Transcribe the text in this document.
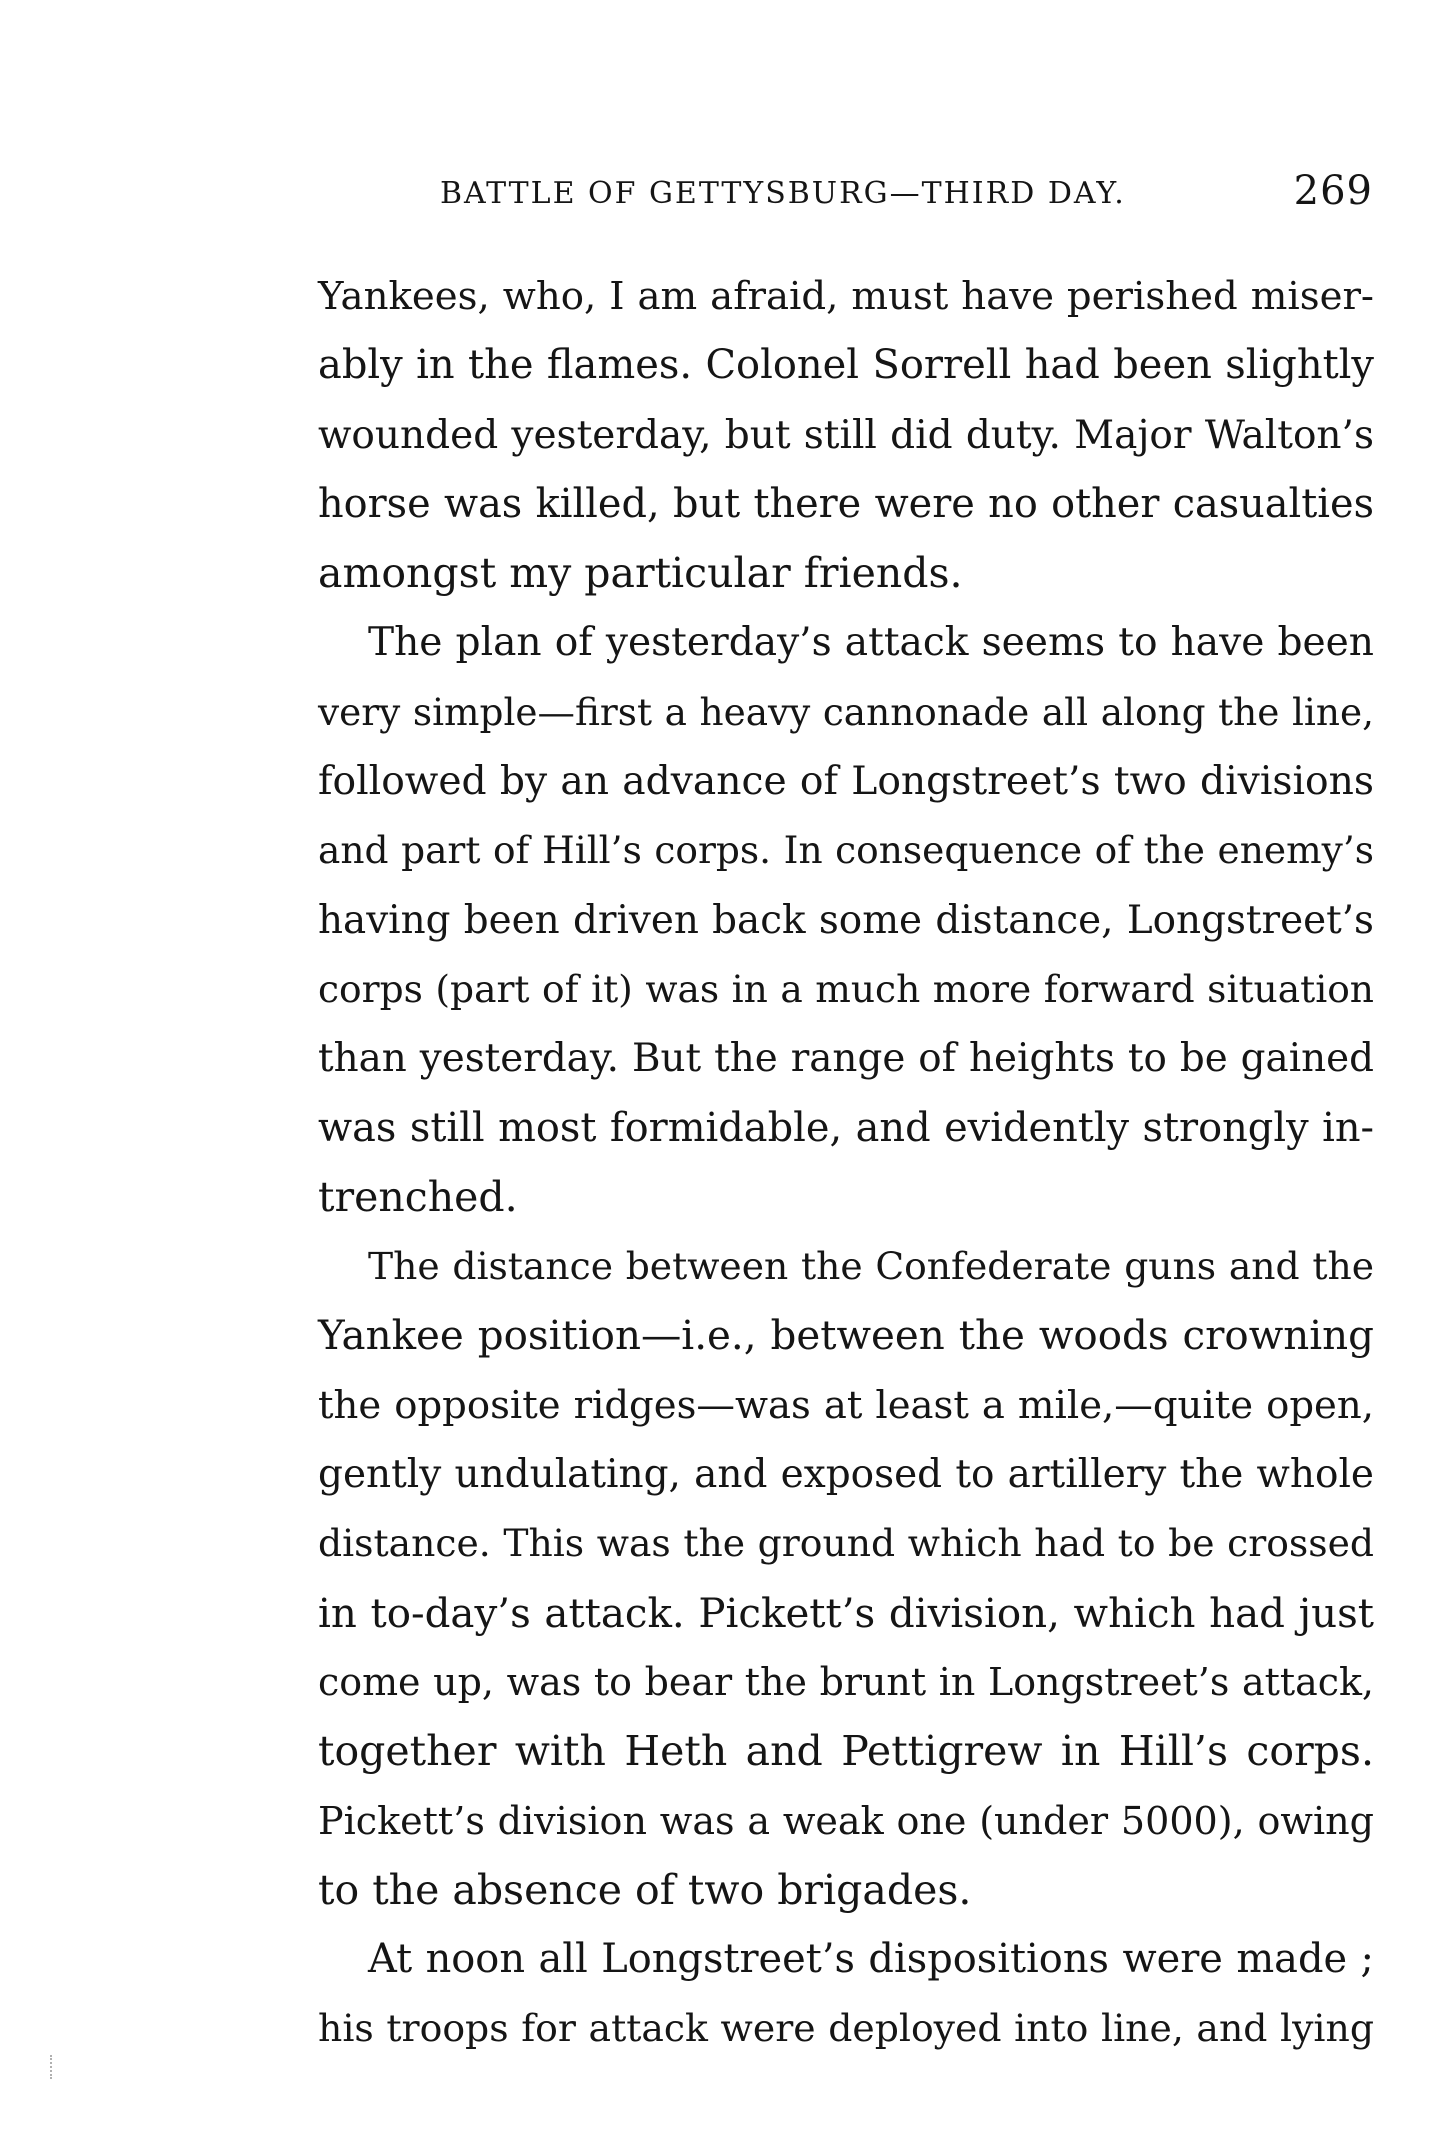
BATTLE OF GETTYSBURG—THIRD DAY.	269
Yankees, who, I am afraid, must have perished miser-
ably in the flames. Colonel Sorrell had been slightly
wounded yesterday, but still did duty. Major Walton’s
horse was killed, but there were no other casualties
amongst my particular friends.
The plan of yesterday’s attack seems to have been
very simple—first a heavy cannonade all along the line,
followed by an advance of Longstreet’s two divisions
and part of Hill’s corps. In consequence of the enemy’s
having been driven back some distance, Longstreet’s
corps (part of it) was in a much more forward situation
than yesterday. But the range of heights to be gained
was still most formidable, and evidently strongly in-
trenched.
The distance between the Confederate guns and the
Yankee position—i.e., between the woods crowning
the opposite ridges—was at least a mile,—quite open,
gently undulating, and exposed to artillery the whole
distance. This was the ground which had to be crossed
in to-day’s attack. Pickett’s division, which had just
come up, was to bear the brunt in Longstreet’s attack,
together with Heth and Pettigrew in Hill’s corps.
Pickett’s division was a weak one (under 5000), owing
to the absence of two brigades.
At noon all Longstreet’s dispositions were made ;
his troops for attack were deployed into line, and lying
